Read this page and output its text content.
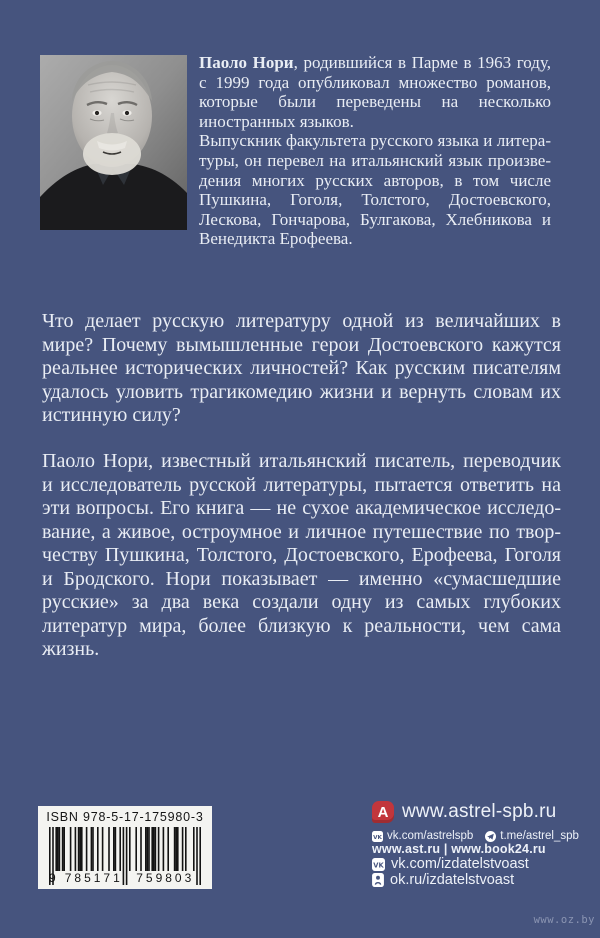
Паоло Нори, родившийся в Парме в 1963 году, с 1999 года опубликовал множество романов, которые были переведены на несколько иностранных языков.

Выпускник факультета русского языка и литературы, он перевел на итальянский язык произведения многих русских авторов, в том числе Пушкина, Гоголя, Толстого, Достоевского, Лескова, Гончарова, Булгакова, Хлебникова и Венедикта Ерофеева.

Что делает русскую литературу одной из величайших в мире? Почему вымышленные герои Достоевского кажутся реальнее исторических личностей? Как русским писателям удалось уловить трагикомедию жизни и вернуть словам их истинную силу?

Паоло Нори, известный итальянский писатель, переводчик и исследователь русской литературы, пытается ответить на эти вопросы. Его книга — не сухое академическое исследование, а живое, остроумное и личное путешествие по творчеству Пушкина, Толстого, Достоевского, Ерофеева, Гоголя и Бродского. Нори показывает — именно «сумасшедшие русские» за два века создали одну из самых глубоких литератур мира, более близкую к реальности, чем сама жизнь.

ISBN 978-5-17-175980-3
9 785171	759803
A www.astrel-spb.ru
VK vk.com/astrelspb t.me/astrel_spb
www.ast.ru | www.book24.ru
VK vk.com/izdatelstvoast
ok.ru/izdatelstvoast
www.oz.by
